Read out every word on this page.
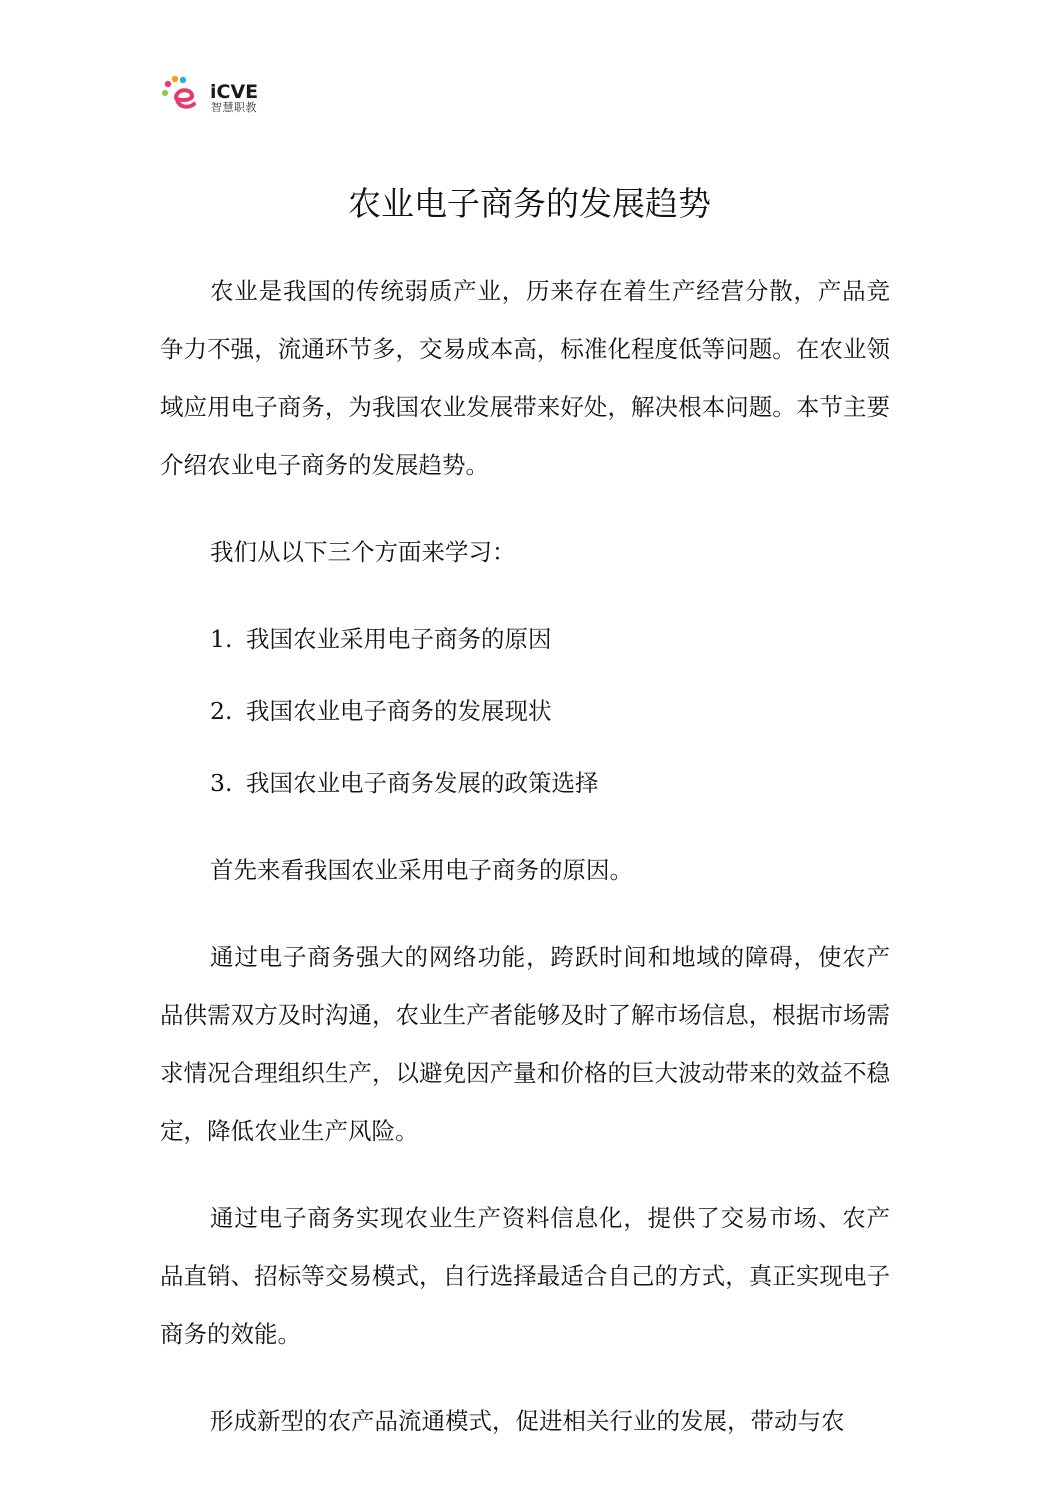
iCVE
智慧职教
农业电子商务的发展趋势

农业是我国的传统弱质产业，历来存在着生产经营分散，产品竞争力不强，流通环节多，交易成本高，标准化程度低等问题。在农业领域应用电子商务，为我国农业发展带来好处，解决根本问题。本节主要介绍农业电子商务的发展趋势。

我们从以下三个方面来学习：

1. 我国农业采用电子商务的原因
2. 我国农业电子商务的发展现状
3. 我国农业电子商务发展的政策选择

首先来看我国农业采用电子商务的原因。

通过电子商务强大的网络功能，跨跃时间和地域的障碍，使农产品供需双方及时沟通，农业生产者能够及时了解市场信息，根据市场需求情况合理组织生产，以避免因产量和价格的巨大波动带来的效益不稳定，降低农业生产风险。

通过电子商务实现农业生产资料信息化，提供了交易市场、农产品直销、招标等交易模式，自行选择最适合自己的方式，真正实现电子商务的效能。

形成新型的农产品流通模式，促进相关行业的发展，带动与农
